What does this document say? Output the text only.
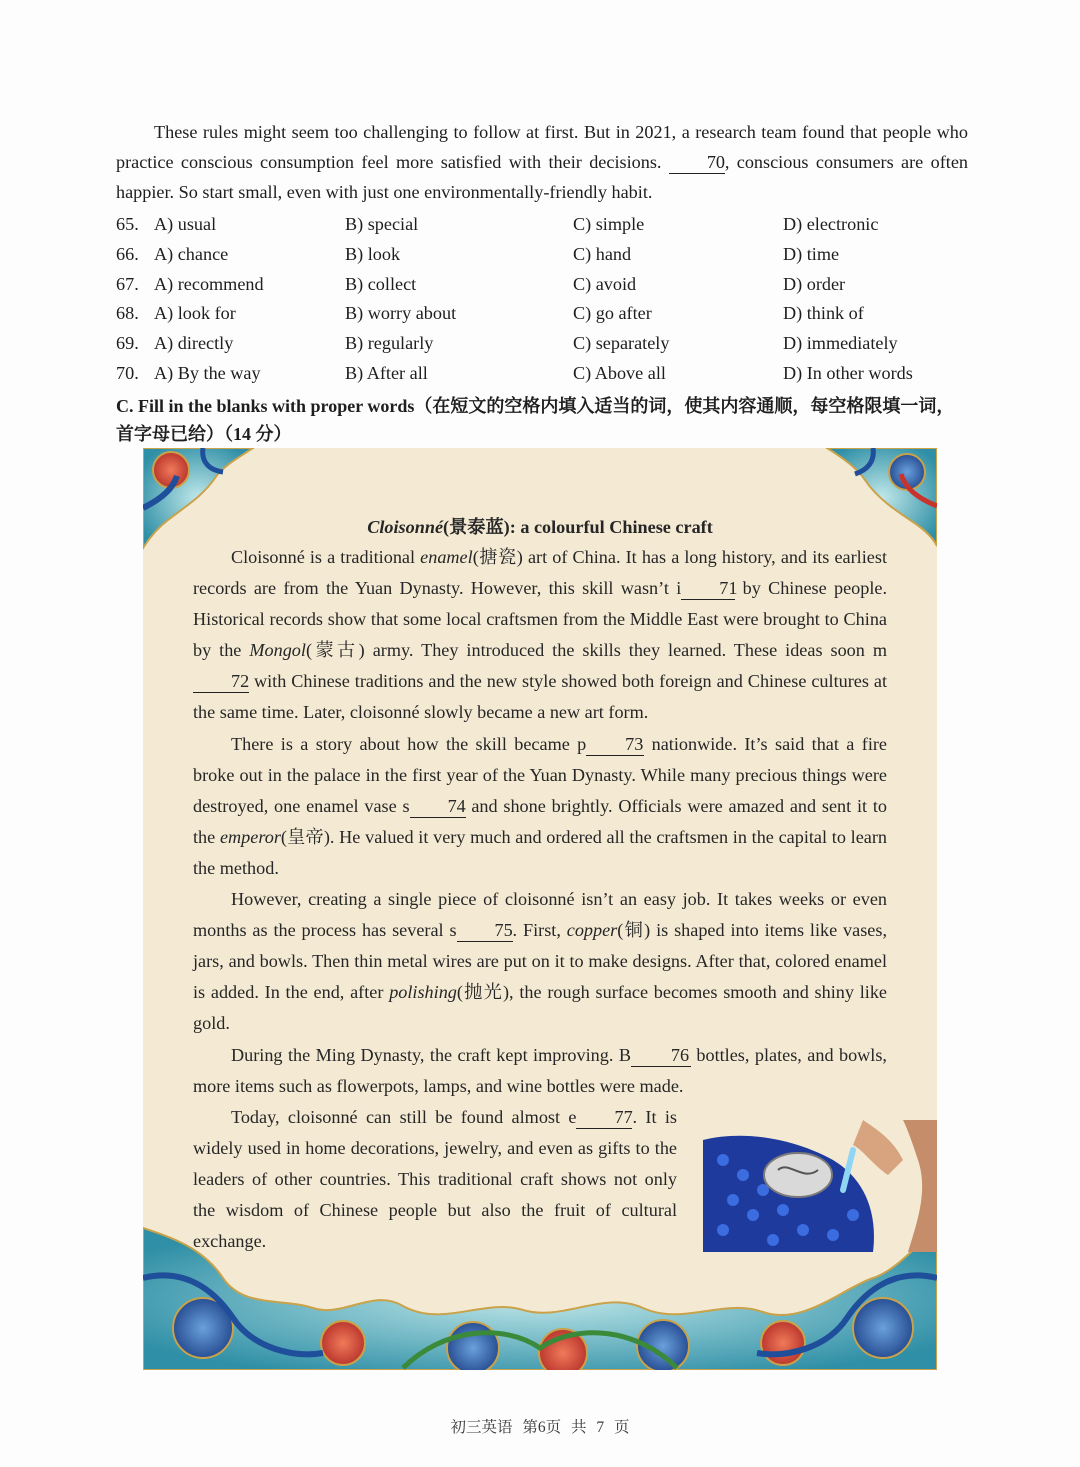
These rules might seem too challenging to follow at first. But in 2021, a research team found that people who practice conscious consumption feel more satisfied with their decisions. 70, conscious consumers are often happier. So start small, even with just one environmentally-friendly habit.

65. A) usual	B) special	C) simple	D) electronic
66. A) chance	B) look	C) hand	D) time
67. A) recommend	B) collect	C) avoid	D) order
68. A) look for	B) worry about	C) go after	D) think of
69. A) directly	B) regularly	C) separately	D) immediately
70. A) By the way	B) After all	C) Above all	D) In other words
C. Fill in the blanks with proper words（在短文的空格内填入适当的词，使其内容通顺，每空格限填一词，首字母已给）（14 分）
Cloisonné(景泰蓝): a colourful Chinese craft

Cloisonné is a traditional enamel(搪瓷) art of China. It has a long history, and its earliest records are from the Yuan Dynasty. However, this skill wasn’t i 71 by Chinese people. Historical records show that some local craftsmen from the Middle East were brought to China by the Mongol(蒙古) army. They introduced the skills they learned. These ideas soon m72 with Chinese traditions and the new style showed both foreign and Chinese cultures at the same time. Later, cloisonné slowly became a new art form.

There is a story about how the skill became p 73 nationwide. It’s said that a fire broke out in the palace in the first year of the Yuan Dynasty. While many precious things were destroyed, one enamel vase s 74 and shone brightly. Officials were amazed and sent it to the emperor(皇帝). He valued it very much and ordered all the craftsmen in the capital to learn the method.

However, creating a single piece of cloisonné isn’t an easy job. It takes weeks or even months as the process has several s 75. First, copper(铜) is shaped into items like vases, jars, and bowls. Then thin metal wires are put on it to make designs. After that, colored enamel is added. In the end, after polishing(抛光), the rough surface becomes smooth and shiny like gold.

During the Ming Dynasty, the craft kept improving. B 76 bottles, plates, and bowls, more items such as flowerpots, lamps, and wine bottles were made.

Today, cloisonné can still be found almost e 77. It is widely used in home decorations, jewelry, and even as gifts to the leaders of other countries. This traditional craft shows not only the wisdom of Chinese people but also the fruit of cultural exchange.

初三英语 第6页 共 7 页
